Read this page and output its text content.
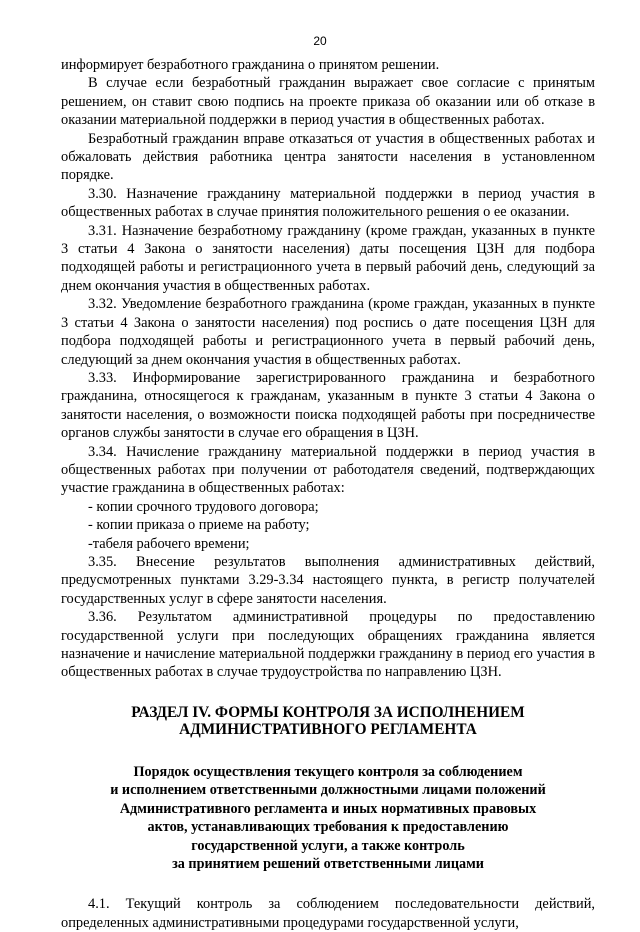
20

информирует безработного гражданина о принятом решении.

В случае если безработный гражданин выражает свое согласие с принятым решением, он ставит свою подпись на проекте приказа об оказании или об отказе в оказании материальной поддержки в период участия в общественных работах.

Безработный гражданин вправе отказаться от участия в общественных работах и обжаловать действия работника центра занятости населения в установленном порядке.

3.30. Назначение гражданину материальной поддержки в период участия в общественных работах в случае принятия положительного решения о ее оказании.

3.31. Назначение безработному гражданину (кроме граждан, указанных в пункте 3 статьи 4 Закона о занятости населения) даты посещения ЦЗН для подбора подходящей работы и регистрационного учета в первый рабочий день, следующий за днем окончания участия в общественных работах.

3.32. Уведомление безработного гражданина (кроме граждан, указанных в пункте 3 статьи 4 Закона о занятости населения) под роспись о дате посещения ЦЗН для подбора подходящей работы и регистрационного учета в первый рабочий день, следующий за днем окончания участия в общественных работах.

3.33. Информирование зарегистрированного гражданина и безработного гражданина, относящегося к гражданам, указанным в пункте 3 статьи 4 Закона о занятости населения, о возможности поиска подходящей работы при посредничестве органов службы занятости в случае его обращения в ЦЗН.

3.34. Начисление гражданину материальной поддержки в период участия в общественных работах при получении от работодателя сведений, подтверждающих участие гражданина в общественных работах:

- копии срочного трудового договора;

- копии приказа о приеме на работу;

-табеля рабочего времени;

3.35. Внесение результатов выполнения административных действий, предусмотренных пунктами 3.29-3.34 настоящего пункта, в регистр получателей государственных услуг в сфере занятости населения.

3.36. Результатом административной процедуры по предоставлению государственной услуги при последующих обращениях гражданина является назначение и начисление материальной поддержки гражданину в период его участия в общественных работах в случае трудоустройства по направлению ЦЗН.

РАЗДЕЛ IV. ФОРМЫ КОНТРОЛЯ ЗА ИСПОЛНЕНИЕМ
АДМИНИСТРАТИВНОГО РЕГЛАМЕНТА
Порядок осуществления текущего контроля за соблюдением
и исполнением ответственными должностными лицами положений
Административного регламента и иных нормативных правовых
актов, устанавливающих требования к предоставлению
государственной услуги, а также контроль
за принятием решений ответственными лицами

4.1. Текущий контроль за соблюдением последовательности действий, определенных административными процедурами государственной услуги,
